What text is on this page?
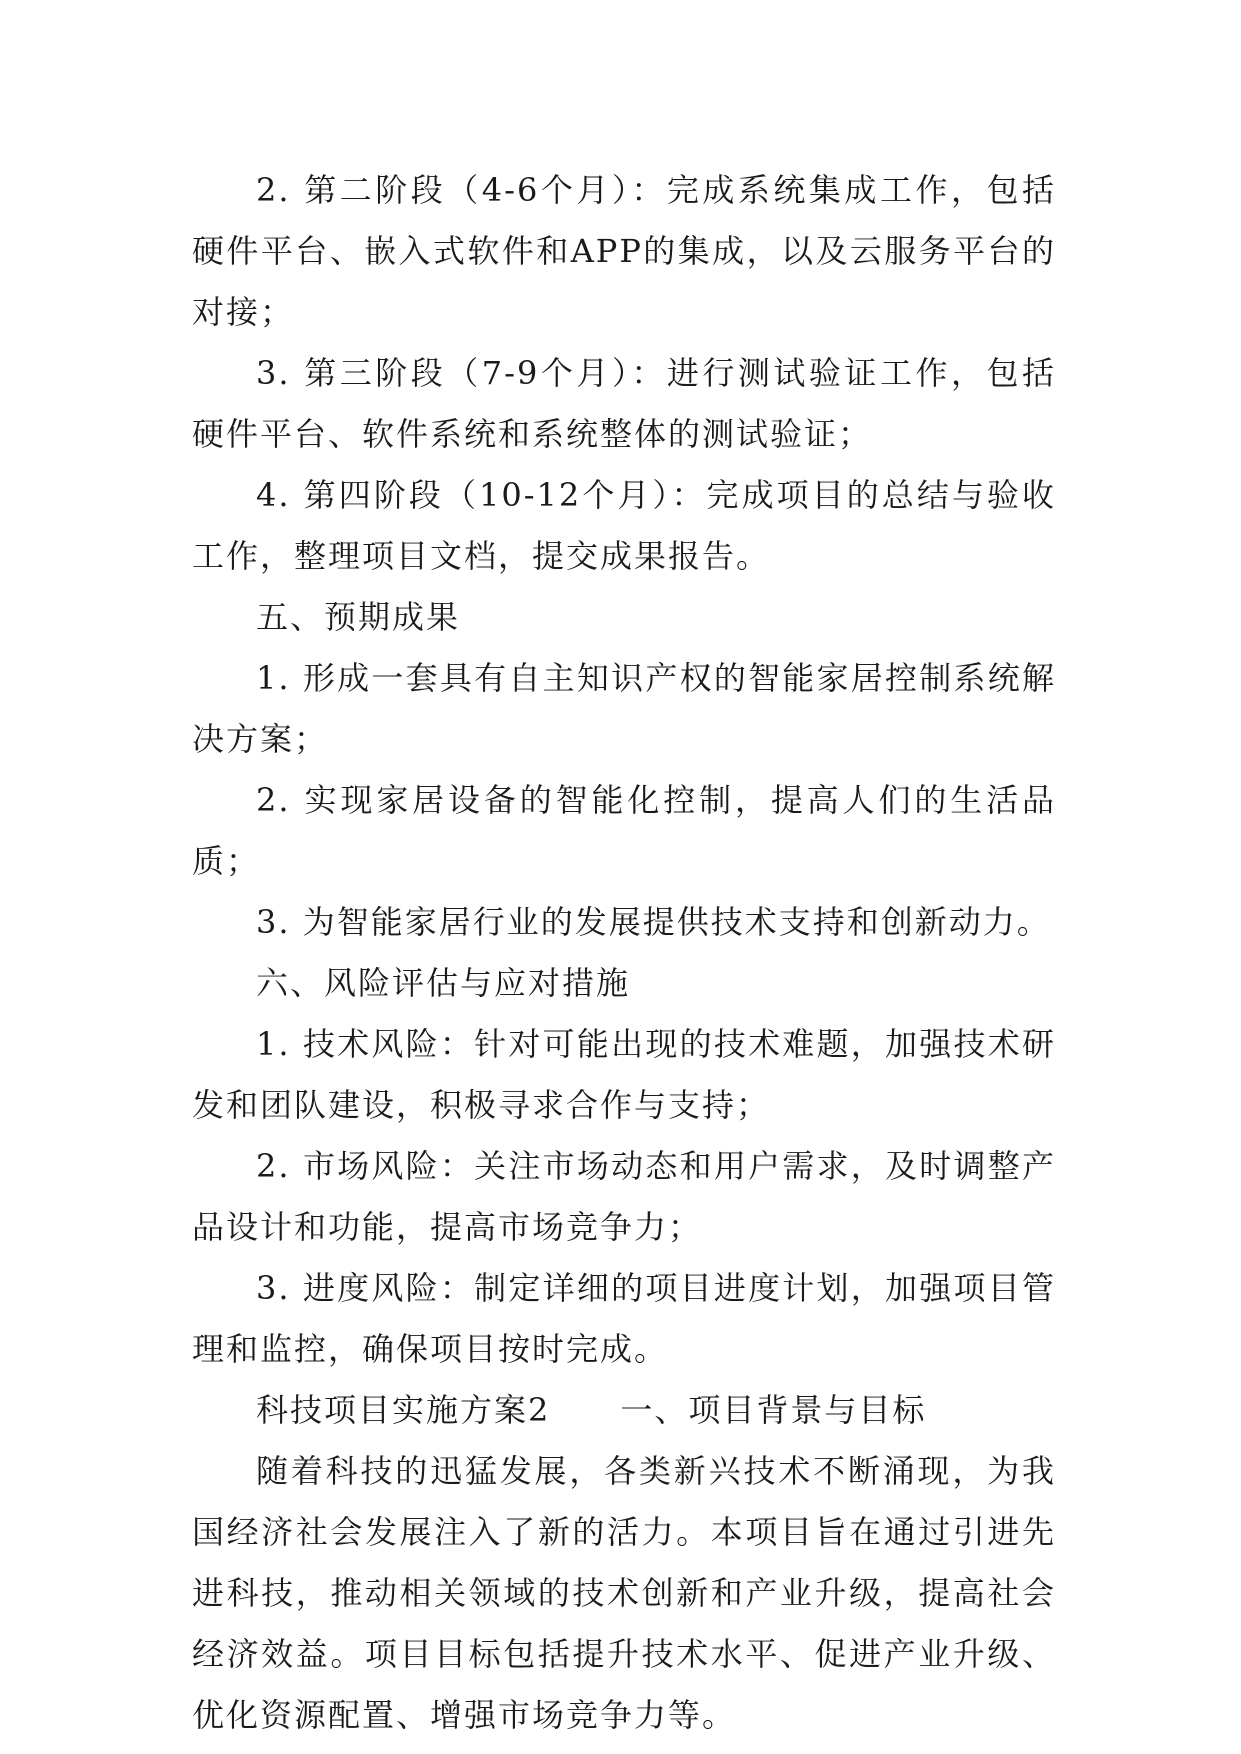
2. 第二阶段（4-6个月）：完成系统集成工作，包括硬件平台、嵌入式软件和APP的集成，以及云服务平台的对接；

3. 第三阶段（7-9个月）：进行测试验证工作，包括硬件平台、软件系统和系统整体的测试验证；

4. 第四阶段（10-12个月）：完成项目的总结与验收工作，整理项目文档，提交成果报告。

五、预期成果

1. 形成一套具有自主知识产权的智能家居控制系统解决方案；

2. 实现家居设备的智能化控制，提高人们的生活品质；

3. 为智能家居行业的发展提供技术支持和创新动力。

六、风险评估与应对措施

1. 技术风险：针对可能出现的技术难题，加强技术研发和团队建设，积极寻求合作与支持；

2. 市场风险：关注市场动态和用户需求，及时调整产品设计和功能，提高市场竞争力；

3. 进度风险：制定详细的项目进度计划，加强项目管理和监控，确保项目按时完成。

科技项目实施方案2 一、项目背景与目标

随着科技的迅猛发展，各类新兴技术不断涌现，为我国经济社会发展注入了新的活力。本项目旨在通过引进先进科技，推动相关领域的技术创新和产业升级，提高社会经济效益。项目目标包括提升技术水平、促进产业升级、优化资源配置、增强市场竞争力等。
